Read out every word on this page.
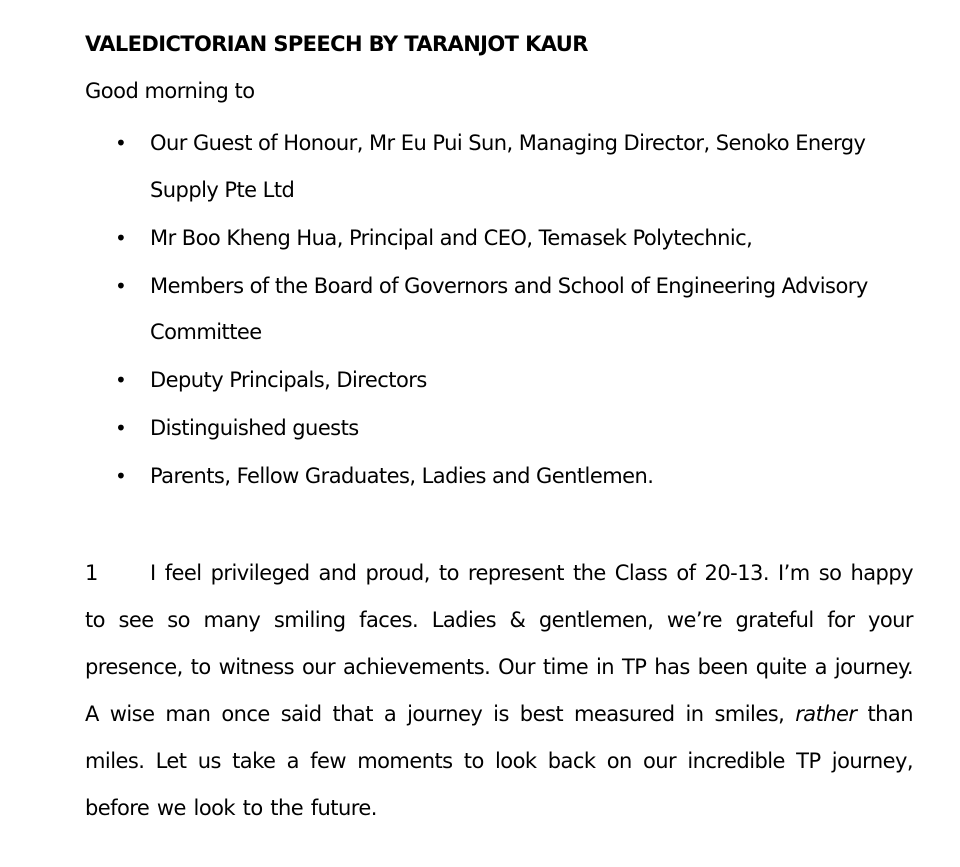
VALEDICTORIAN SPEECH BY TARANJOT KAUR
Good morning to
• Our Guest of Honour, Mr Eu Pui Sun, Managing Director, Senoko Energy Supply Pte Ltd
• Mr Boo Kheng Hua, Principal and CEO, Temasek Polytechnic,
• Members of the Board of Governors and School of Engineering Advisory Committee
• Deputy Principals, Directors
• Distinguished guests
• Parents, Fellow Graduates, Ladies and Gentlemen.

1 I feel privileged and proud, to represent the Class of 20-13. I’m so happy to see so many smiling faces. Ladies & gentlemen, we’re grateful for your presence, to witness our achievements. Our time in TP has been quite a journey. A wise man once said that a journey is best measured in smiles, rather than miles. Let us take a few moments to look back on our incredible TP journey, before we look to the future.
